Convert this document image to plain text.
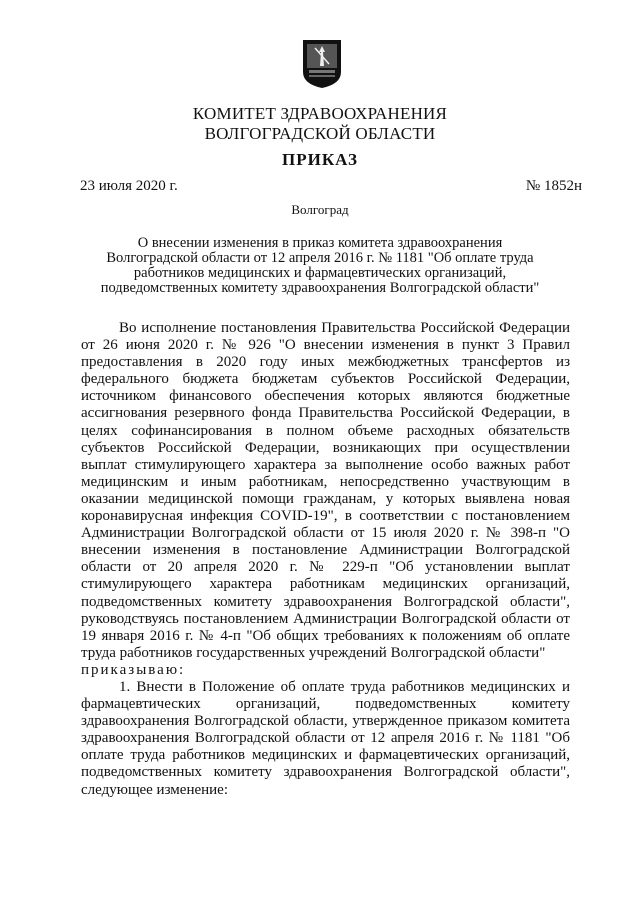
КОМИТЕТ ЗДРАВООХРАНЕНИЯ
ВОЛГОГРАДСКОЙ ОБЛАСТИ
ПРИКАЗ
23 июля 2020 г.	№ 1852н
Волгоград
О внесении изменения в приказ комитета здравоохранения
Волгоградской области от 12 апреля 2016 г. № 1181 "Об оплате труда
работников медицинских и фармацевтических организаций,
подведомственных комитету здравоохранения Волгоградской области"

Во исполнение постановления Правительства Российской Федерации от 26 июня 2020 г. № 926 "О внесении изменения в пункт 3 Правил предоставления в 2020 году иных межбюджетных трансфертов из федерального бюджета бюджетам субъектов Российской Федерации, источником финансового обеспечения которых являются бюджетные ассигнования резервного фонда Правительства Российской Федерации, в целях софинансирования в полном объеме расходных обязательств субъектов Российской Федерации, возникающих при осуществлении выплат стимулирующего характера за выполнение особо важных работ медицинским и иным работникам, непосредственно участвующим в оказании медицинской помощи гражданам, у которых выявлена новая коронавирусная инфекция COVID-19", в соответствии с постановлением Администрации Волгоградской области от 15 июля 2020 г. № 398-п "О внесении изменения в постановление Администрации Волгоградской области от 20 апреля 2020 г. № 229-п "Об установлении выплат стимулирующего характера работникам медицинских организаций, подведомственных комитету здравоохранения Волгоградской области", руководствуясь постановлением Администрации Волгоградской области от 19 января 2016 г. № 4-п "Об общих требованиях к положениям об оплате труда работников государственных учреждений Волгоградской области"

приказываю:

1. Внести в Положение об оплате труда работников медицинских и фармацевтических организаций, подведомственных комитету здравоохранения Волгоградской области, утвержденное приказом комитета здравоохранения Волгоградской области от 12 апреля 2016 г. № 1181 "Об оплате труда работников медицинских и фармацевтических организаций, подведомственных комитету здравоохранения Волгоградской области", следующее изменение:
